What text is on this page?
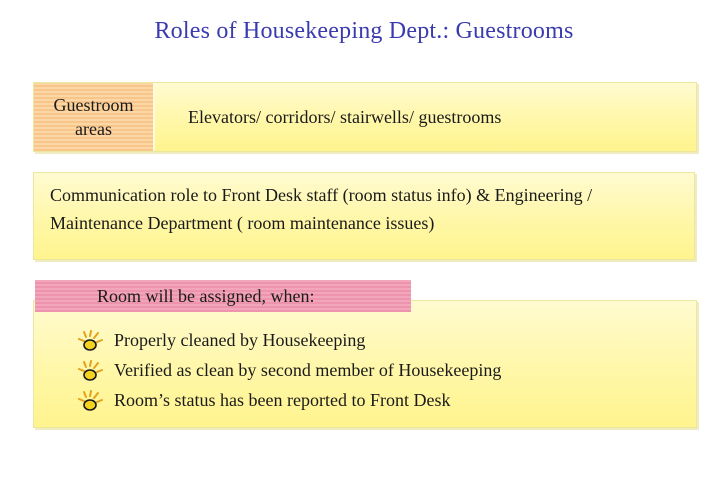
Roles of Housekeeping Dept.: Guestrooms
Guestroom
areas
Elevators/ corridors/ stairwells/ guestrooms
Communication role to Front Desk staff (room status info) & Engineering /
Maintenance Department ( room maintenance issues)
Room will be assigned, when:
Properly cleaned by Housekeeping
Verified as clean by second member of Housekeeping
Room’s status has been reported to Front Desk
